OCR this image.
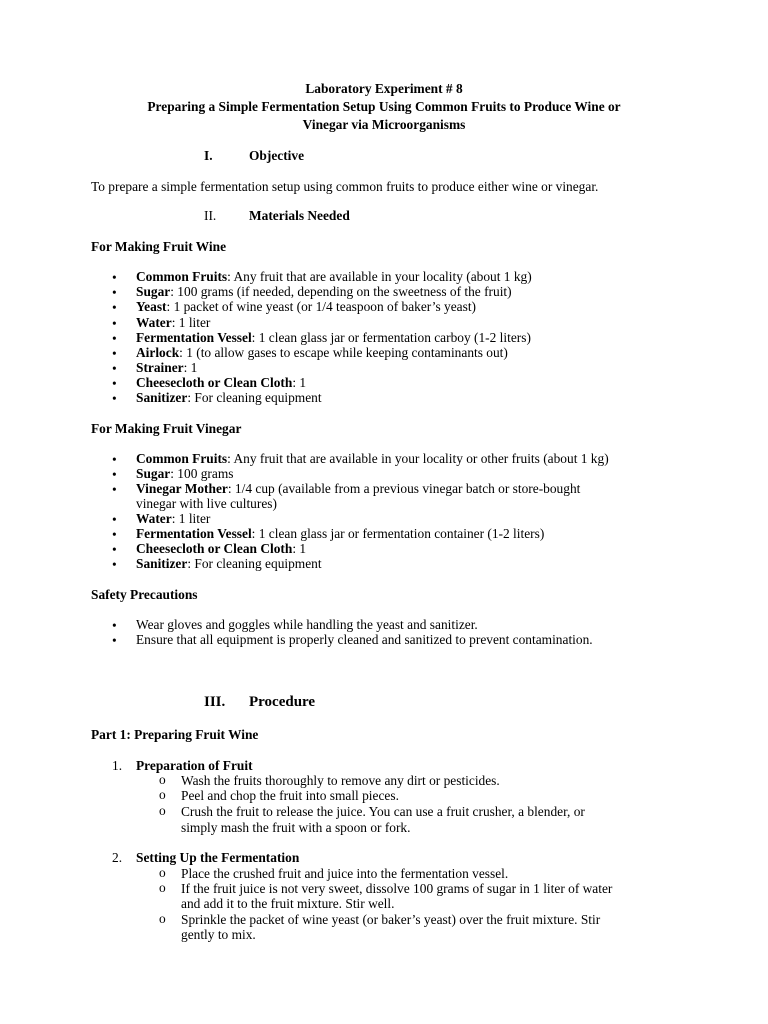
Laboratory Experiment # 8
Preparing a Simple Fermentation Setup Using Common Fruits to Produce Wine or
Vinegar via Microorganisms
I.	Objective
To prepare a simple fermentation setup using common fruits to produce either wine or vinegar.
II. Materials Needed
For Making Fruit Wine
• Common Fruits: Any fruit that are available in your locality (about 1 kg)
• Sugar: 100 grams (if needed, depending on the sweetness of the fruit)
• Yeast: 1 packet of wine yeast (or 1/4 teaspoon of baker’s yeast)
• Water: 1 liter
• Fermentation Vessel: 1 clean glass jar or fermentation carboy (1-2 liters)
• Airlock: 1 (to allow gases to escape while keeping contaminants out)
• Strainer: 1
• Cheesecloth or Clean Cloth: 1
• Sanitizer: For cleaning equipment
For Making Fruit Vinegar
• Common Fruits: Any fruit that are available in your locality or other fruits (about 1 kg)
• Sugar: 100 grams
• Vinegar Mother: 1/4 cup (available from a previous vinegar batch or store-bought
vinegar with live cultures)
• Water: 1 liter
• Fermentation Vessel: 1 clean glass jar or fermentation container (1-2 liters)
• Cheesecloth or Clean Cloth: 1
• Sanitizer: For cleaning equipment
Safety Precautions
• Wear gloves and goggles while handling the yeast and sanitizer.
• Ensure that all equipment is properly cleaned and sanitized to prevent contamination.
III. Procedure
Part 1: Preparing Fruit Wine
1. Preparation of Fruit
o Wash the fruits thoroughly to remove any dirt or pesticides.
o Peel and chop the fruit into small pieces.
o Crush the fruit to release the juice. You can use a fruit crusher, a blender, or
simply mash the fruit with a spoon or fork.
2. Setting Up the Fermentation
o Place the crushed fruit and juice into the fermentation vessel.
o If the fruit juice is not very sweet, dissolve 100 grams of sugar in 1 liter of water
and add it to the fruit mixture. Stir well.
o Sprinkle the packet of wine yeast (or baker’s yeast) over the fruit mixture. Stir
gently to mix.
